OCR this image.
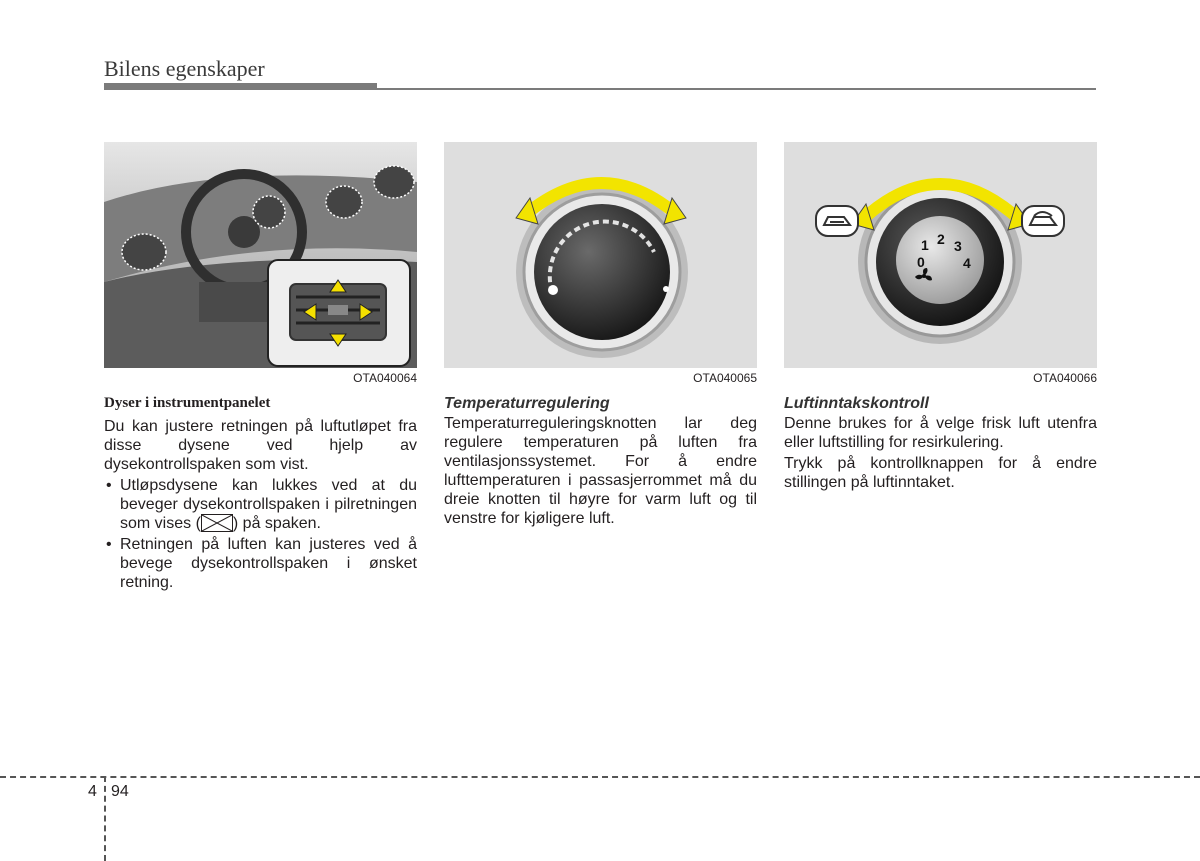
Bilens egenskaper
OTA040064	OTA040065
0
1 2 3
4
OTA040066
Dyser i instrumentpanelet

Du kan justere retningen på luftutløpet fra disse dysene ved hjelp av dysekontrollspaken som vist.

• Utløpsdysene kan lukkes ved at du beveger dysekontrollspaken i pilretningen som vises ( ) på spaken.
• Retningen på luften kan justeres ved å bevege dysekontrollspaken i ønsket retning.
Temperaturregulering

Temperaturreguleringsknotten lar deg regulere temperaturen på luften fra ventilasjonssystemet. For å endre lufttemperaturen i passasjerrommet må du dreie knotten til høyre for varm luft og til venstre for kjøligere luft.

Luftinntakskontroll

Denne brukes for å velge frisk luft utenfra eller luftstilling for resirkulering.

Trykk på kontrollknappen for å endre stillingen på luftinntaket.

4 94
